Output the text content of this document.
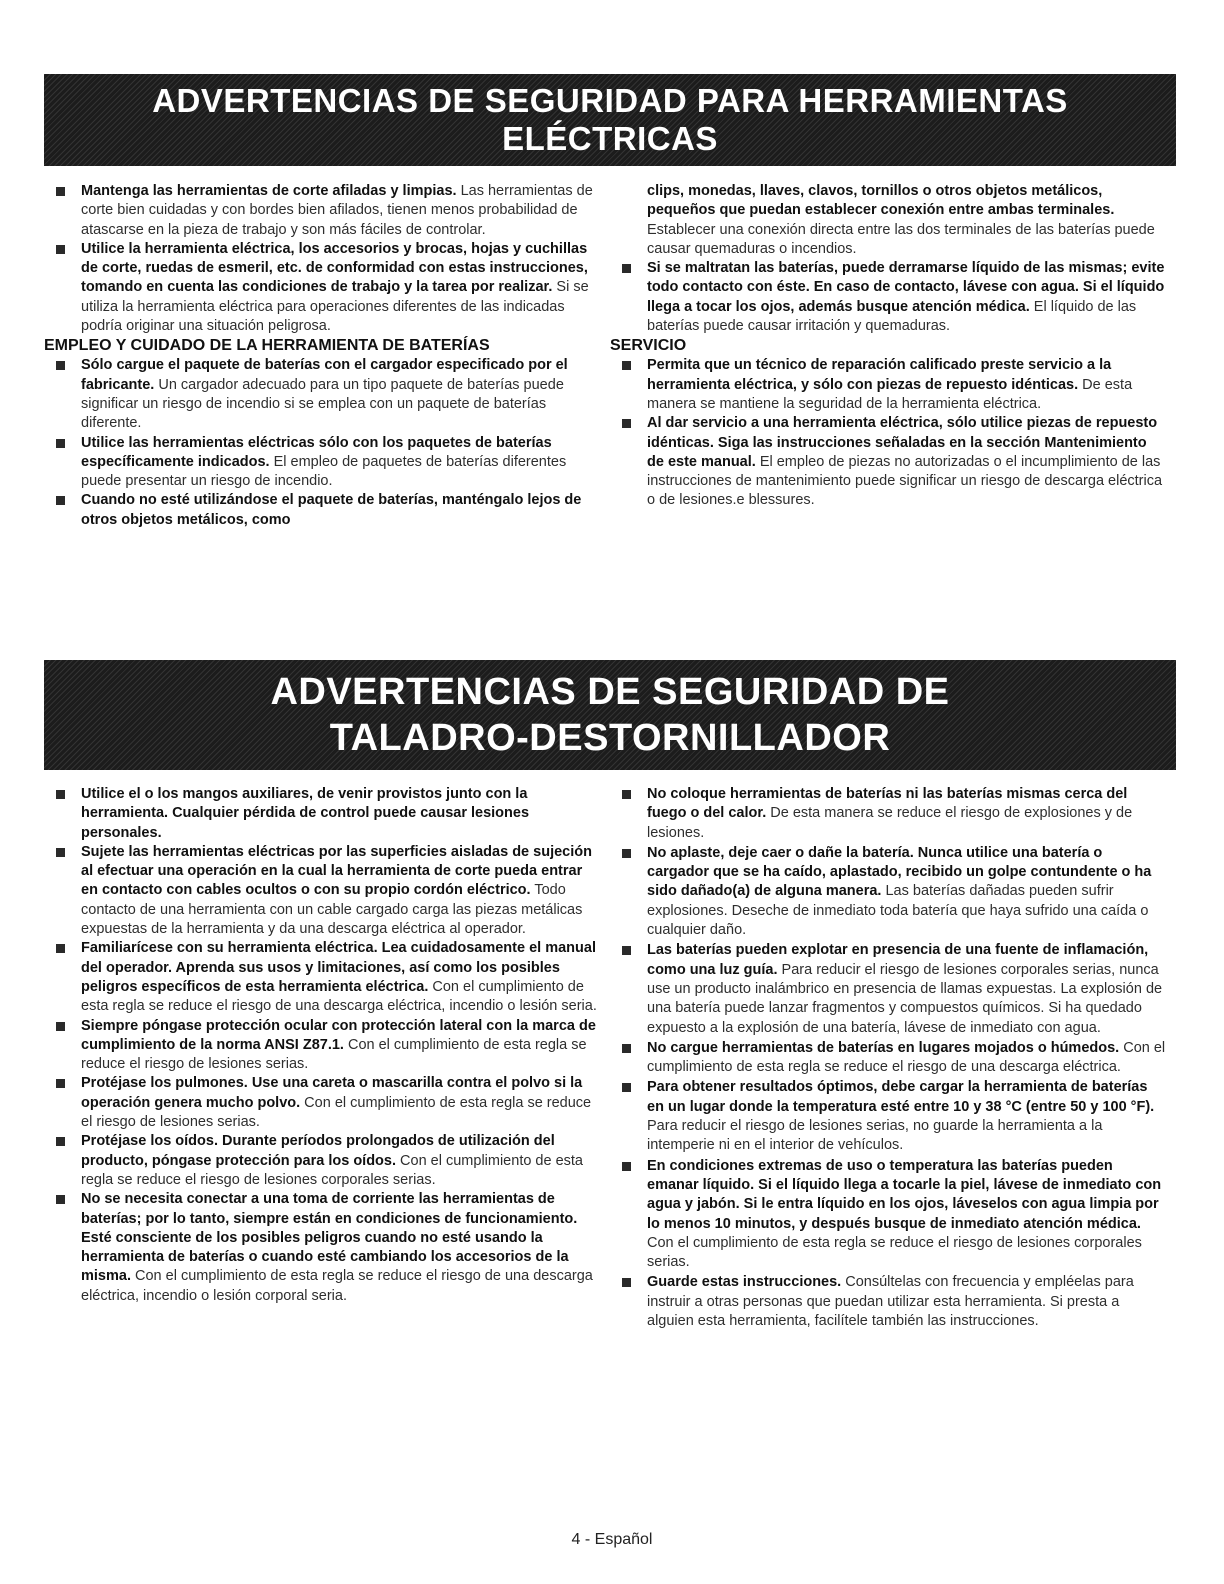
ADVERTENCIAS DE SEGURIDAD PARA HERRAMIENTAS
ELÉCTRICAS

Mantenga las herramientas de corte afiladas y limpias. Las herramientas de corte bien cuidadas y con bordes bien afilados, tienen menos probabilidad de atascarse en la pieza de trabajo y son más fáciles de controlar.

Utilice la herramienta eléctrica, los accesorios y brocas, hojas y cuchillas de corte, ruedas de esmeril, etc. de conformidad con estas instrucciones, tomando en cuenta las condiciones de trabajo y la tarea por realizar. Si se utiliza la herramienta eléctrica para operaciones diferentes de las indicadas podría originar una situación peligrosa.

EMPLEO Y CUIDADO DE LA HERRAMIENTA DE BATERÍAS

Sólo cargue el paquete de baterías con el cargador especificado por el fabricante. Un cargador adecuado para un tipo paquete de baterías puede significar un riesgo de incendio si se emplea con un paquete de baterías diferente.

Utilice las herramientas eléctricas sólo con los paquetes de baterías específicamente indicados. El empleo de paquetes de baterías diferentes puede presentar un riesgo de incendio.

Cuando no esté utilizándose el paquete de baterías, manténgalo lejos de otros objetos metálicos, como

clips, monedas, llaves, clavos, tornillos o otros objetos metálicos, pequeños que puedan establecer conexión entre ambas terminales. Establecer una conexión directa entre las dos terminales de las baterías puede causar quemaduras o incendios.

Si se maltratan las baterías, puede derramarse líquido de las mismas; evite todo contacto con éste. En caso de contacto, lávese con agua. Si el líquido llega a tocar los ojos, además busque atención médica. El líquido de las baterías puede causar irritación y quemaduras.

SERVICIO

Permita que un técnico de reparación calificado preste servicio a la herramienta eléctrica, y sólo con piezas de repuesto idénticas. De esta manera se mantiene la seguridad de la herramienta eléctrica.

Al dar servicio a una herramienta eléctrica, sólo utilice piezas de repuesto idénticas. Siga las instrucciones señaladas en la sección Mantenimiento de este manual. El empleo de piezas no autorizadas o el incumplimiento de las instrucciones de mantenimiento puede significar un riesgo de descarga eléctrica o de lesiones.e blessures.

ADVERTENCIAS DE SEGURIDAD DE
TALADRO-DESTORNILLADOR

Utilice el o los mangos auxiliares, de venir provistos junto con la herramienta. Cualquier pérdida de control puede causar lesiones personales.

Sujete las herramientas eléctricas por las superficies aisladas de sujeción al efectuar una operación en la cual la herramienta de corte pueda entrar en contacto con cables ocultos o con su propio cordón eléctrico. Todo contacto de una herramienta con un cable cargado carga las piezas metálicas expuestas de la herramienta y da una descarga eléctrica al operador.

Familiarícese con su herramienta eléctrica. Lea cuidadosamente el manual del operador. Aprenda sus usos y limitaciones, así como los posibles peligros específicos de esta herramienta eléctrica. Con el cumplimiento de esta regla se reduce el riesgo de una descarga eléctrica, incendio o lesión seria.

Siempre póngase protección ocular con protección lateral con la marca de cumplimiento de la norma ANSI Z87.1. Con el cumplimiento de esta regla se reduce el riesgo de lesiones serias.

Protéjase los pulmones. Use una careta o mascarilla contra el polvo si la operación genera mucho polvo. Con el cumplimiento de esta regla se reduce el riesgo de lesiones serias.

Protéjase los oídos. Durante períodos prolongados de utilización del producto, póngase protección para los oídos. Con el cumplimiento de esta regla se reduce el riesgo de lesiones corporales serias.

No se necesita conectar a una toma de corriente las herramientas de baterías; por lo tanto, siempre están en condiciones de funcionamiento. Esté consciente de los posibles peligros cuando no esté usando la herramienta de baterías o cuando esté cambiando los accesorios de la misma. Con el cumplimiento de esta regla se reduce el riesgo de una descarga eléctrica, incendio o lesión corporal seria.

No coloque herramientas de baterías ni las baterías mismas cerca del fuego o del calor. De esta manera se reduce el riesgo de explosiones y de lesiones.

No aplaste, deje caer o dañe la batería. Nunca utilice una batería o cargador que se ha caído, aplastado, recibido un golpe contundente o ha sido dañado(a) de alguna manera. Las baterías dañadas pueden sufrir explosiones. Deseche de inmediato toda batería que haya sufrido una caída o cualquier daño.

Las baterías pueden explotar en presencia de una fuente de inflamación, como una luz guía. Para reducir el riesgo de lesiones corporales serias, nunca use un producto inalámbrico en presencia de llamas expuestas. La explosión de una batería puede lanzar fragmentos y compuestos químicos. Si ha quedado expuesto a la explosión de una batería, lávese de inmediato con agua.

No cargue herramientas de baterías en lugares mojados o húmedos. Con el cumplimiento de esta regla se reduce el riesgo de una descarga eléctrica.

Para obtener resultados óptimos, debe cargar la herramienta de baterías en un lugar donde la temperatura esté entre 10 y 38 °C (entre 50 y 100 °F). Para reducir el riesgo de lesiones serias, no guarde la herramienta a la intemperie ni en el interior de vehículos.

En condiciones extremas de uso o temperatura las baterías pueden emanar líquido. Si el líquido llega a tocarle la piel, lávese de inmediato con agua y jabón. Si le entra líquido en los ojos, láveselos con agua limpia por lo menos 10 minutos, y después busque de inmediato atención médica. Con el cumplimiento de esta regla se reduce el riesgo de lesiones corporales serias.

Guarde estas instrucciones. Consúltelas con frecuencia y empléelas para instruir a otras personas que puedan utilizar esta herramienta. Si presta a alguien esta herramienta, facilítele también las instrucciones.

4 - Español
